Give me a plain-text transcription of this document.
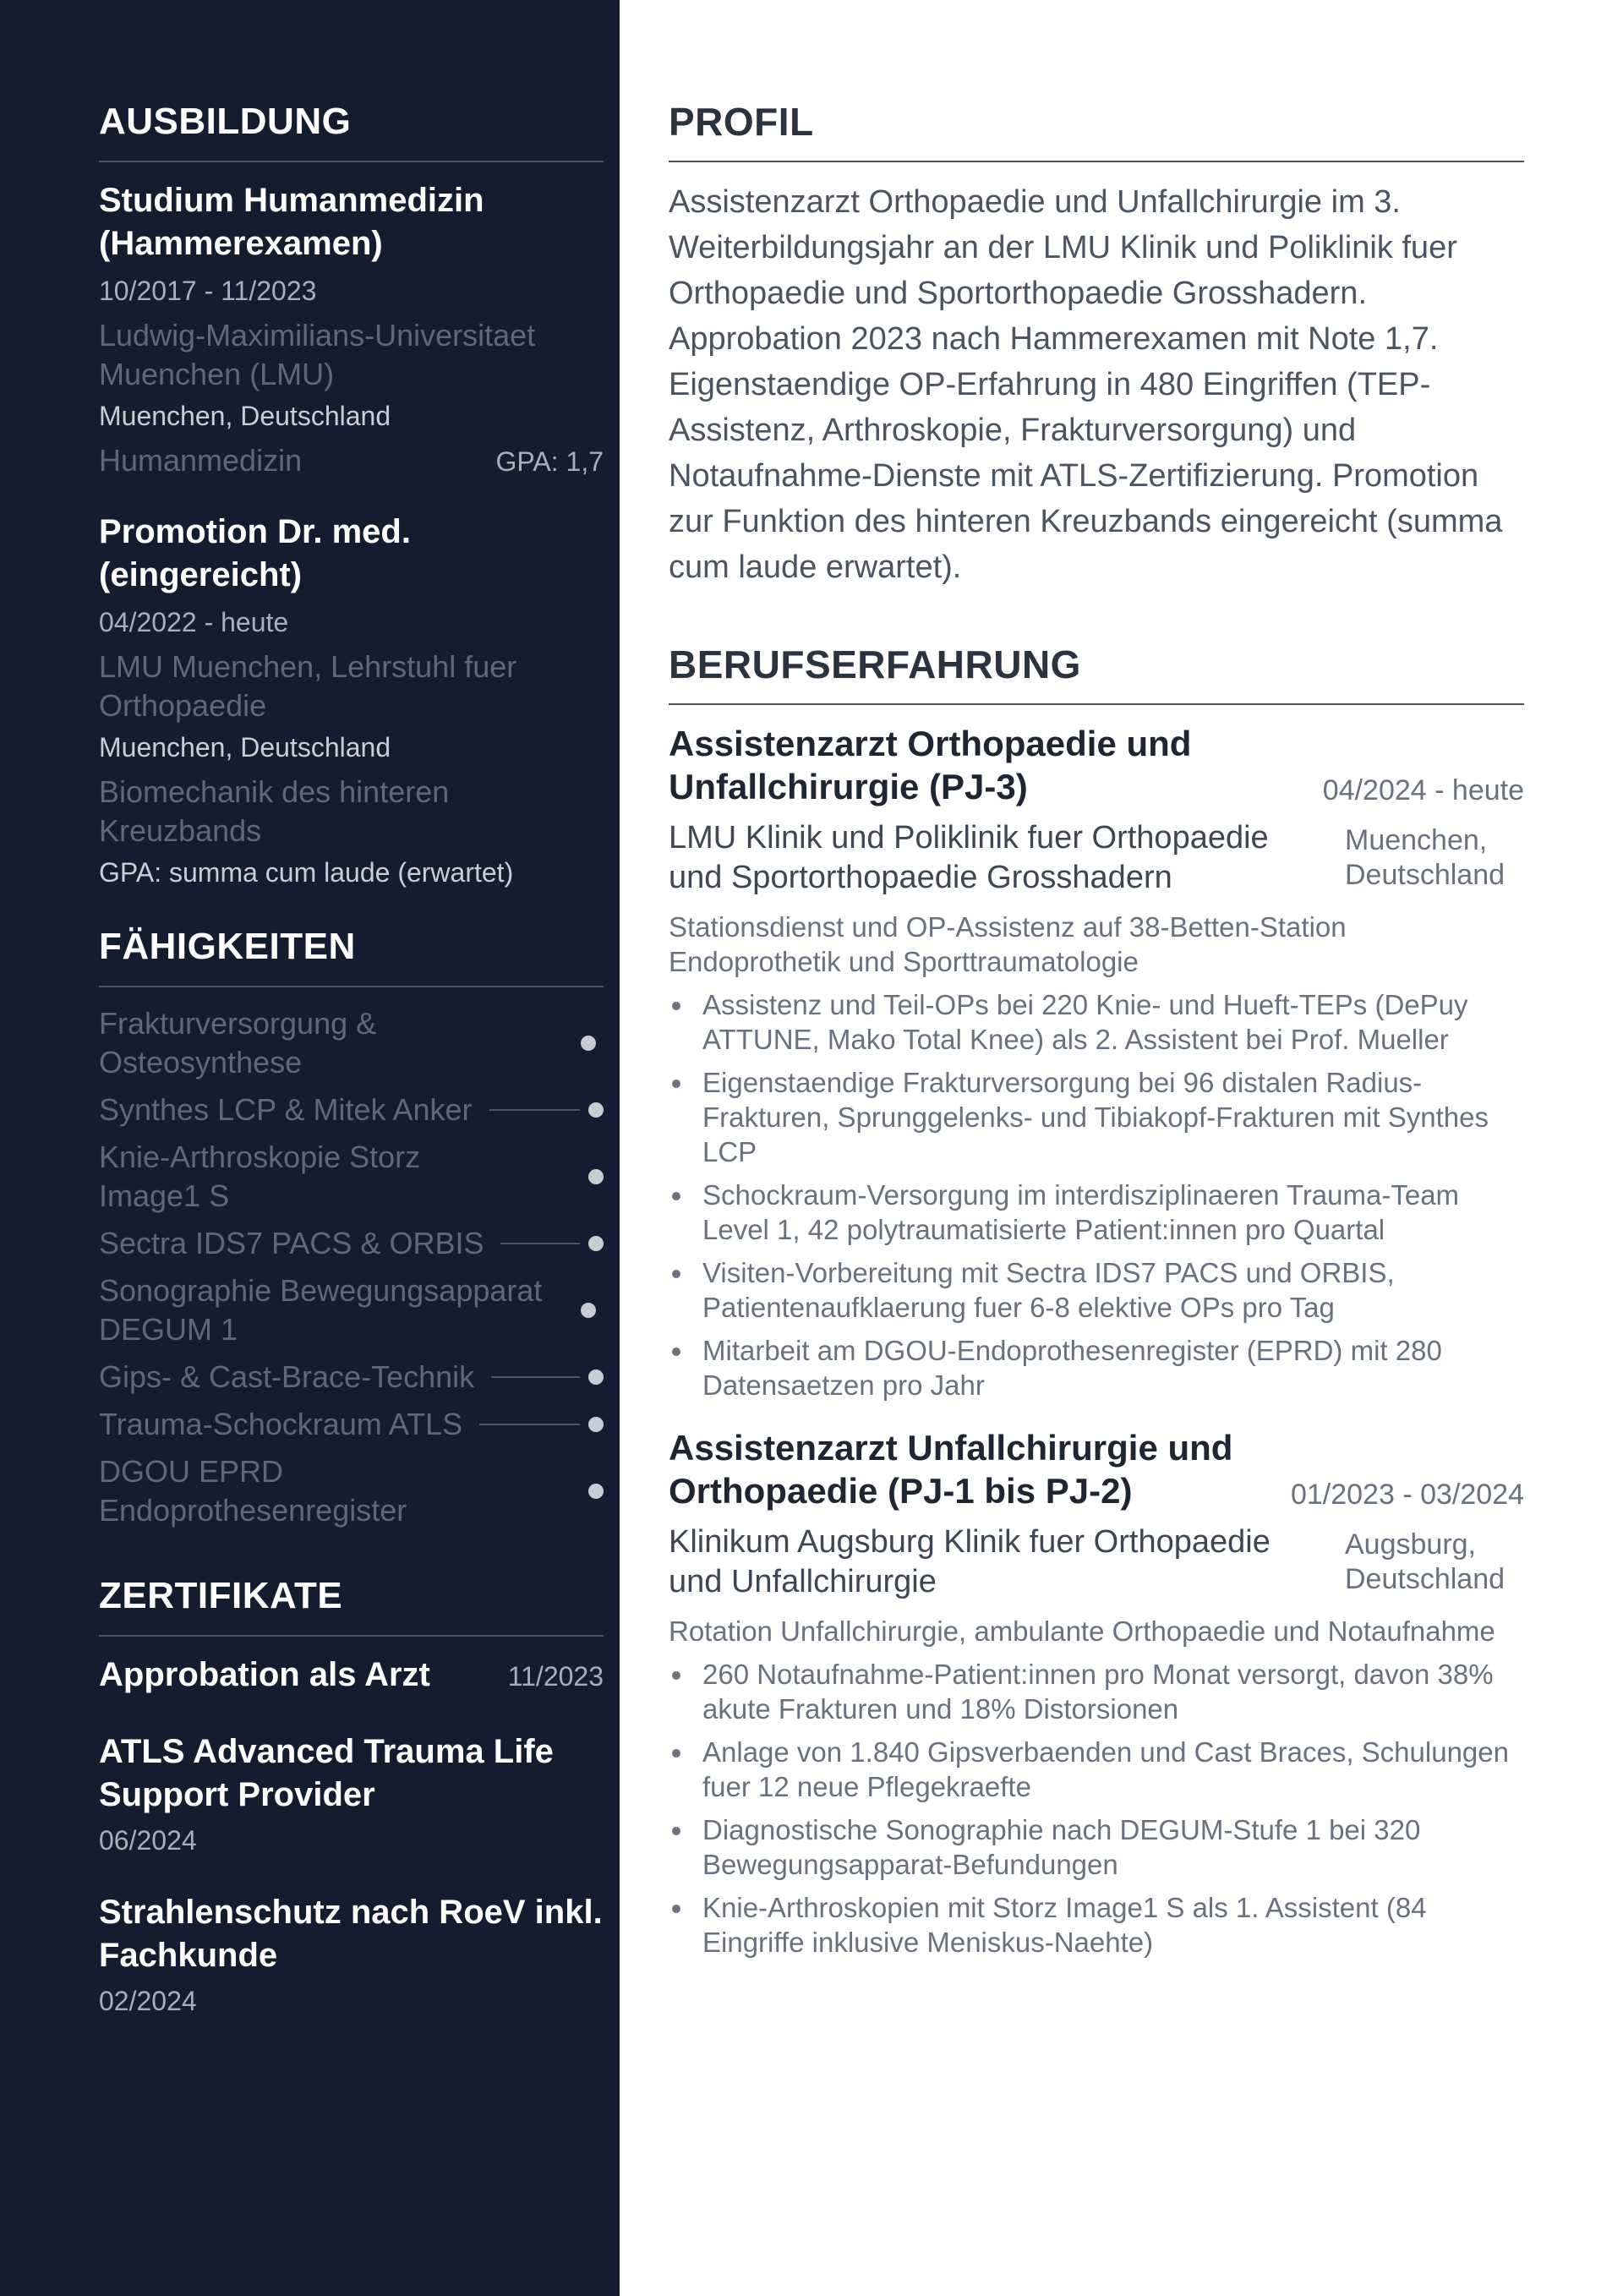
AUSBILDUNG
Studium Humanmedizin (Hammerexamen)
10/2017 - 11/2023
Ludwig-Maximilians-Universitaet Muenchen (LMU)
Muenchen, Deutschland
Humanmedizin	GPA: 1,7
Promotion Dr. med. (eingereicht)
04/2022 - heute
LMU Muenchen, Lehrstuhl fuer Orthopaedie
Muenchen, Deutschland
Biomechanik des hinteren Kreuzbands
GPA: summa cum laude (erwartet)
FÄHIGKEITEN
Frakturversorgung & Osteosynthese
Synthes LCP & Mitek Anker
Knie-Arthroskopie Storz Image1 S
Sectra IDS7 PACS & ORBIS
Sonographie Bewegungsapparat DEGUM 1
Gips- & Cast-Brace-Technik
Trauma-Schockraum ATLS
DGOU EPRD Endoprothesenregister
ZERTIFIKATE
Approbation als Arzt	11/2023
ATLS Advanced Trauma Life Support Provider
06/2024
Strahlenschutz nach RoeV inkl. Fachkunde
02/2024
PROFIL

Assistenzarzt Orthopaedie und Unfallchirurgie im 3. Weiterbildungsjahr an der LMU Klinik und Poliklinik fuer Orthopaedie und Sportorthopaedie Grosshadern. Approbation 2023 nach Hammerexamen mit Note 1,7. Eigenstaendige OP-Erfahrung in 480 Eingriffen (TEP-Assistenz, Arthroskopie, Frakturversorgung) und Notaufnahme-Dienste mit ATLS-Zertifizierung. Promotion zur Funktion des hinteren Kreuzbands eingereicht (summa cum laude erwartet).

BERUFSERFAHRUNG
Assistenzarzt Orthopaedie und Unfallchirurgie (PJ-3)	04/2024 - heute
LMU Klinik und Poliklinik fuer Orthopaedie und Sportorthopaedie Grosshadern
Muenchen, Deutschland
Stationsdienst und OP-Assistenz auf 38-Betten-Station Endoprothetik und Sporttraumatologie
Assistenz und Teil-OPs bei 220 Knie- und Hueft-TEPs (DePuy ATTUNE, Mako Total Knee) als 2. Assistent bei Prof. Mueller
Eigenstaendige Frakturversorgung bei 96 distalen Radius-Frakturen, Sprunggelenks- und Tibiakopf-Frakturen mit Synthes LCP
Schockraum-Versorgung im interdisziplinaeren Trauma-Team Level 1, 42 polytraumatisierte Patient:innen pro Quartal
Visiten-Vorbereitung mit Sectra IDS7 PACS und ORBIS, Patientenaufklaerung fuer 6-8 elektive OPs pro Tag
Mitarbeit am DGOU-Endoprothesenregister (EPRD) mit 280 Datensaetzen pro Jahr
Assistenzarzt Unfallchirurgie und Orthopaedie (PJ-1 bis PJ-2)	01/2023 - 03/2024
Klinikum Augsburg Klinik fuer Orthopaedie und Unfallchirurgie
Augsburg, Deutschland
Rotation Unfallchirurgie, ambulante Orthopaedie und Notaufnahme
260 Notaufnahme-Patient:innen pro Monat versorgt, davon 38% akute Frakturen und 18% Distorsionen
Anlage von 1.840 Gipsverbaenden und Cast Braces, Schulungen fuer 12 neue Pflegekraefte
Diagnostische Sonographie nach DEGUM-Stufe 1 bei 320 Bewegungsapparat-Befundungen
Knie-Arthroskopien mit Storz Image1 S als 1. Assistent (84 Eingriffe inklusive Meniskus-Naehte)
